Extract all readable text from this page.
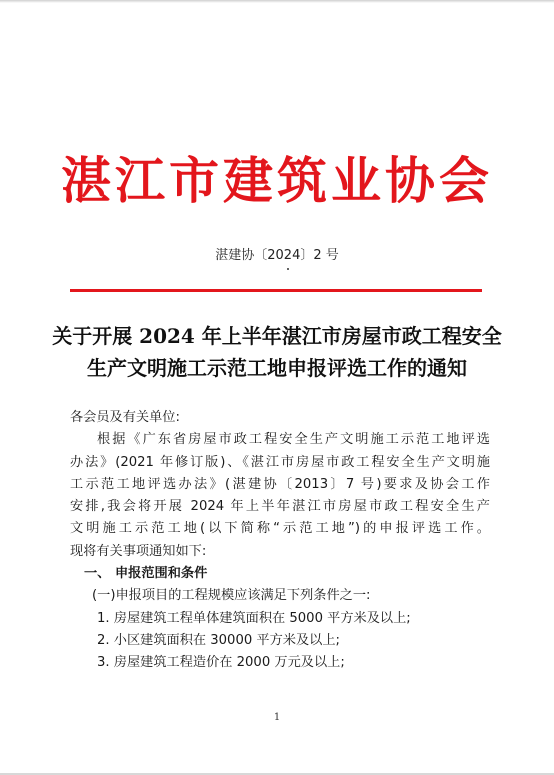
湛江市建筑业协会
湛建协〔2024〕2 号
关于开展 2024 年上半年湛江市房屋市政工程安全
生产文明施工示范工地申报评选工作的通知
各会员及有关单位:
根据《广东省房屋市政工程安全生产文明施工示范工地评选
办法》(2021 年修订版)、《湛江市房屋市政工程安全生产文明施
工示范工地评选办法》(湛建协〔2013〕7 号)要求及协会工作
安排,我会将开展 2024 年上半年湛江市房屋市政工程安全生产
文明施工示范工地(以下简称“示范工地”)的申报评选工作。
现将有关事项通知如下:
一、 申报范围和条件
(一)申报项目的工程规模应该满足下列条件之一:
1. 房屋建筑工程单体建筑面积在 5000 平方米及以上;
2. 小区建筑面积在 30000 平方米及以上;
3. 房屋建筑工程造价在 2000 万元及以上;
1
